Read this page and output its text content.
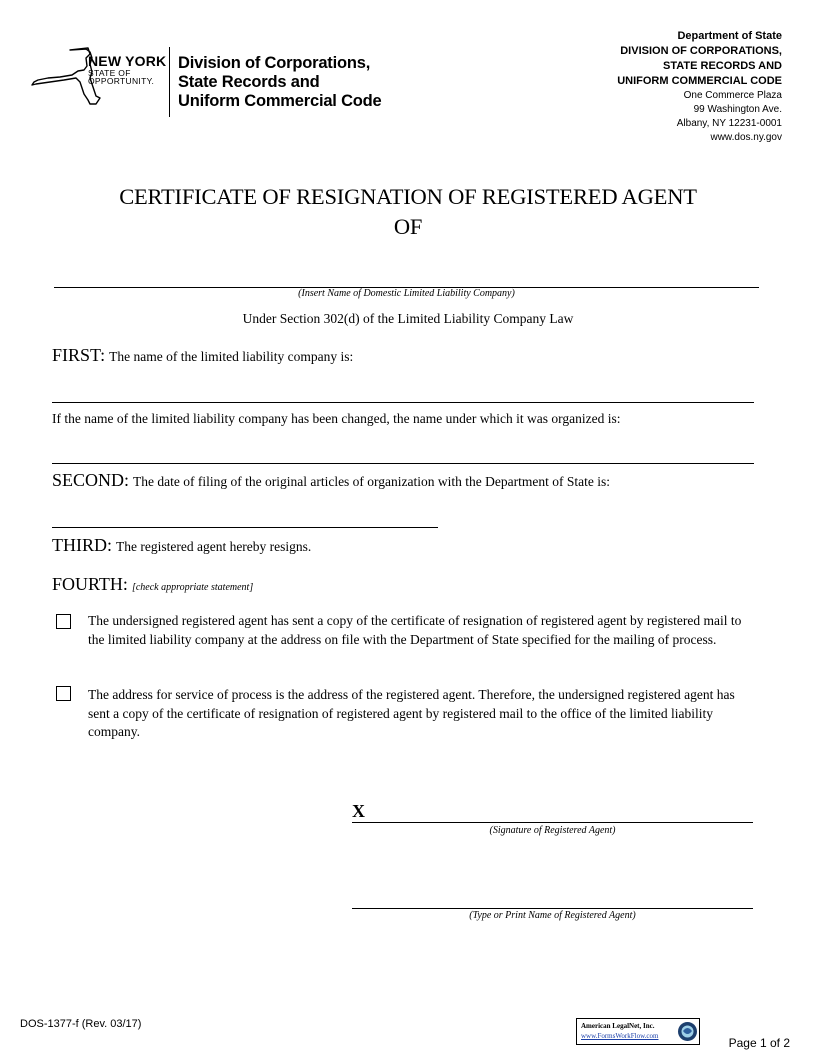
NEW YORK
STATE OF
OPPORTUNITY.
Division of Corporations,
State Records and
Uniform Commercial Code
Department of State
DIVISION OF CORPORATIONS,
STATE RECORDS AND
UNIFORM COMMERCIAL CODE
One Commerce Plaza
99 Washington Ave.
Albany, NY 12231-0001
www.dos.ny.gov
CERTIFICATE OF RESIGNATION OF REGISTERED AGENT
OF
(Insert Name of Domestic Limited Liability Company)
Under Section 302(d) of the Limited Liability Company Law
FIRST: The name of the limited liability company is:
If the name of the limited liability company has been changed, the name under which it was organized is:
SECOND: The date of filing of the original articles of organization with the Department of State is:
THIRD: The registered agent hereby resigns.
FOURTH: [check appropriate statement]
The undersigned registered agent has sent a copy of the certificate of resignation of registered agent by registered mail to the limited liability company at the address on file with the Department of State specified for the mailing of process.
The address for service of process is the address of the registered agent. Therefore, the undersigned registered agent has sent a copy of the certificate of resignation of registered agent by registered mail to the office of the limited liability company.
X
(Signature of Registered Agent)
(Type or Print Name of Registered Agent)
DOS-1377-f (Rev. 03/17)	American LegalNet, Inc.
www.FormsWorkFlow.com	Page 1 of 2
